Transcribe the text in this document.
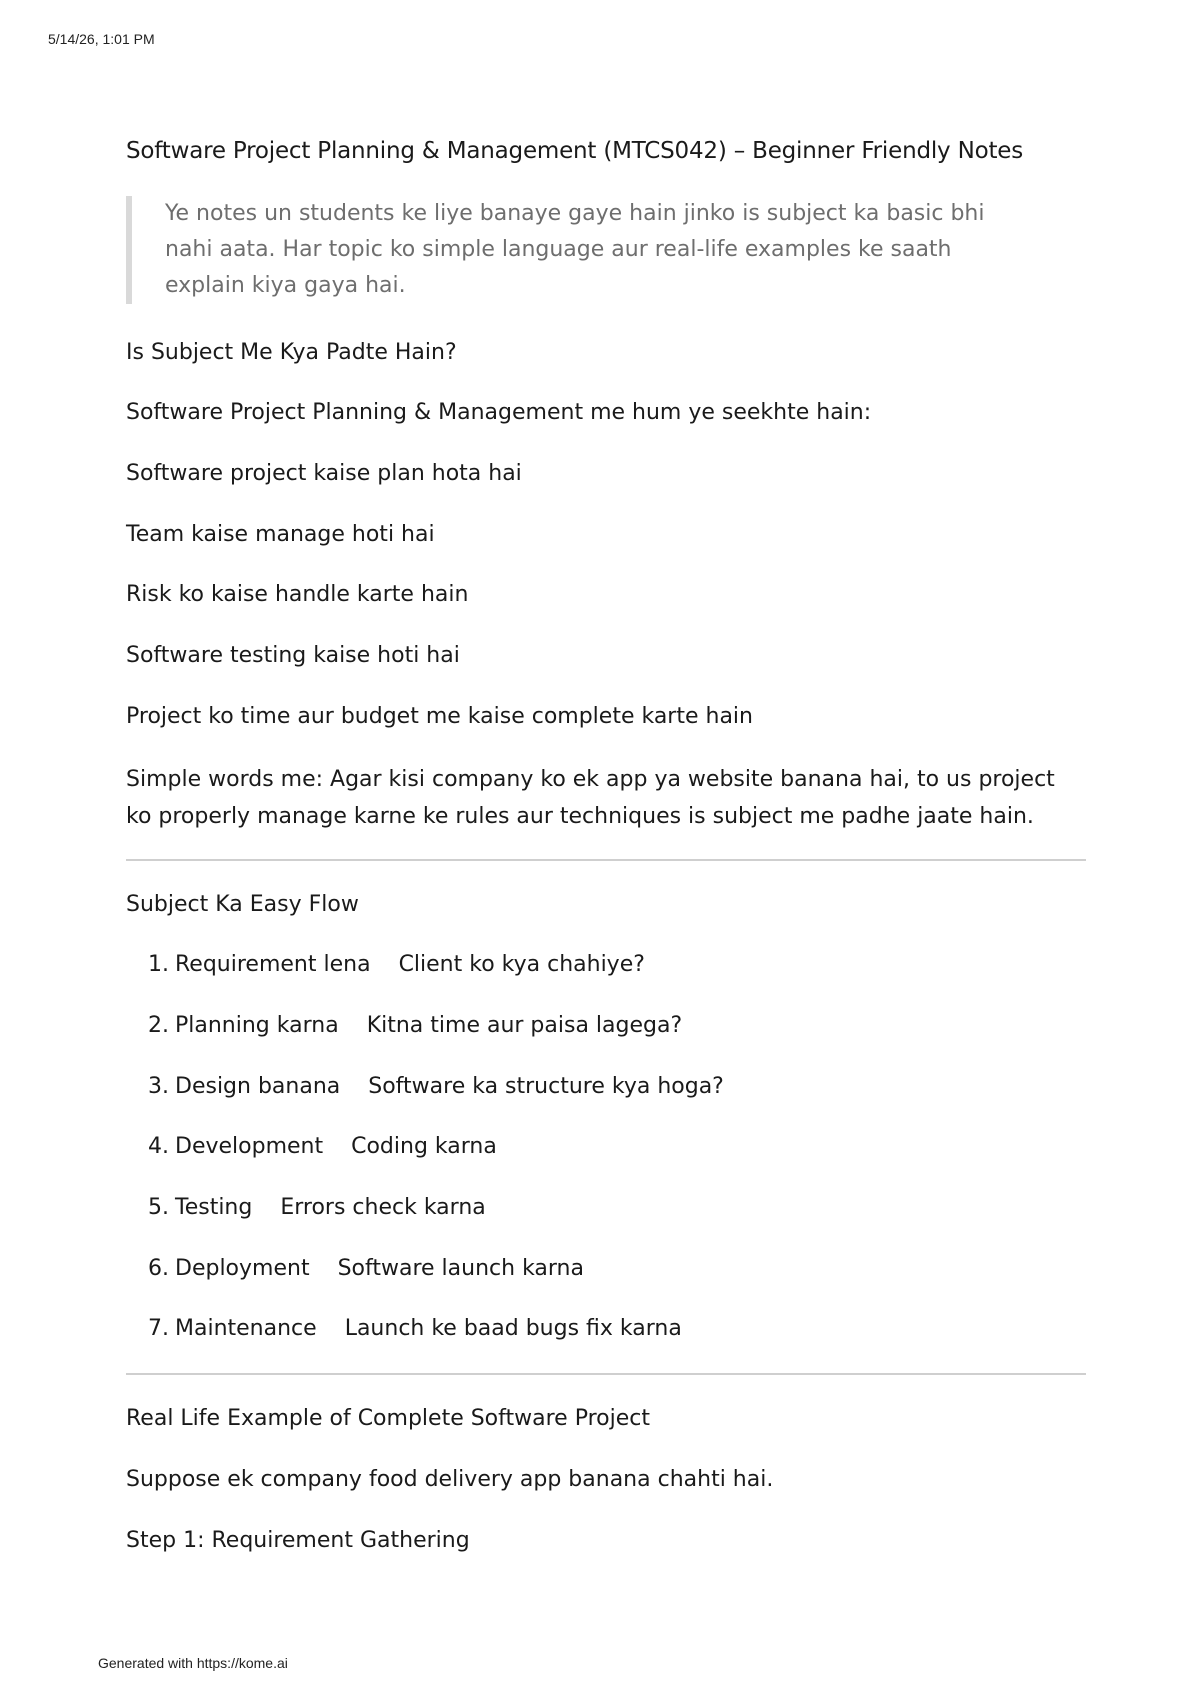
5/14/26, 1:01 PM
Software Project Planning & Management (MTCS042) – Beginner Friendly Notes

Ye notes un students ke liye banaye gaye hain jinko is subject ka basic bhi

nahi aata. Har topic ko simple language aur real-life examples ke saath

explain kiya gaya hai.

Is Subject Me Kya Padte Hain?
Software Project Planning & Management me hum ye seekhte hain:
Software project kaise plan hota hai
Team kaise manage hoti hai
Risk ko kaise handle karte hain
Software testing kaise hoti hai
Project ko time aur budget me kaise complete karte hain
Simple words me: Agar kisi company ko ek app ya website banana hai, to us project ko properly manage karne ke rules aur techniques is subject me padhe jaate hain.
Subject Ka Easy Flow
1. Requirement lena Client ko kya chahiye?
2. Planning karna Kitna time aur paisa lagega?
3. Design banana Software ka structure kya hoga?
4. Development Coding karna
5. Testing Errors check karna
6. Deployment Software launch karna
7. Maintenance Launch ke baad bugs fix karna
Real Life Example of Complete Software Project
Suppose ek company food delivery app banana chahti hai.
Step 1: Requirement Gathering
Generated with https://kome.ai
